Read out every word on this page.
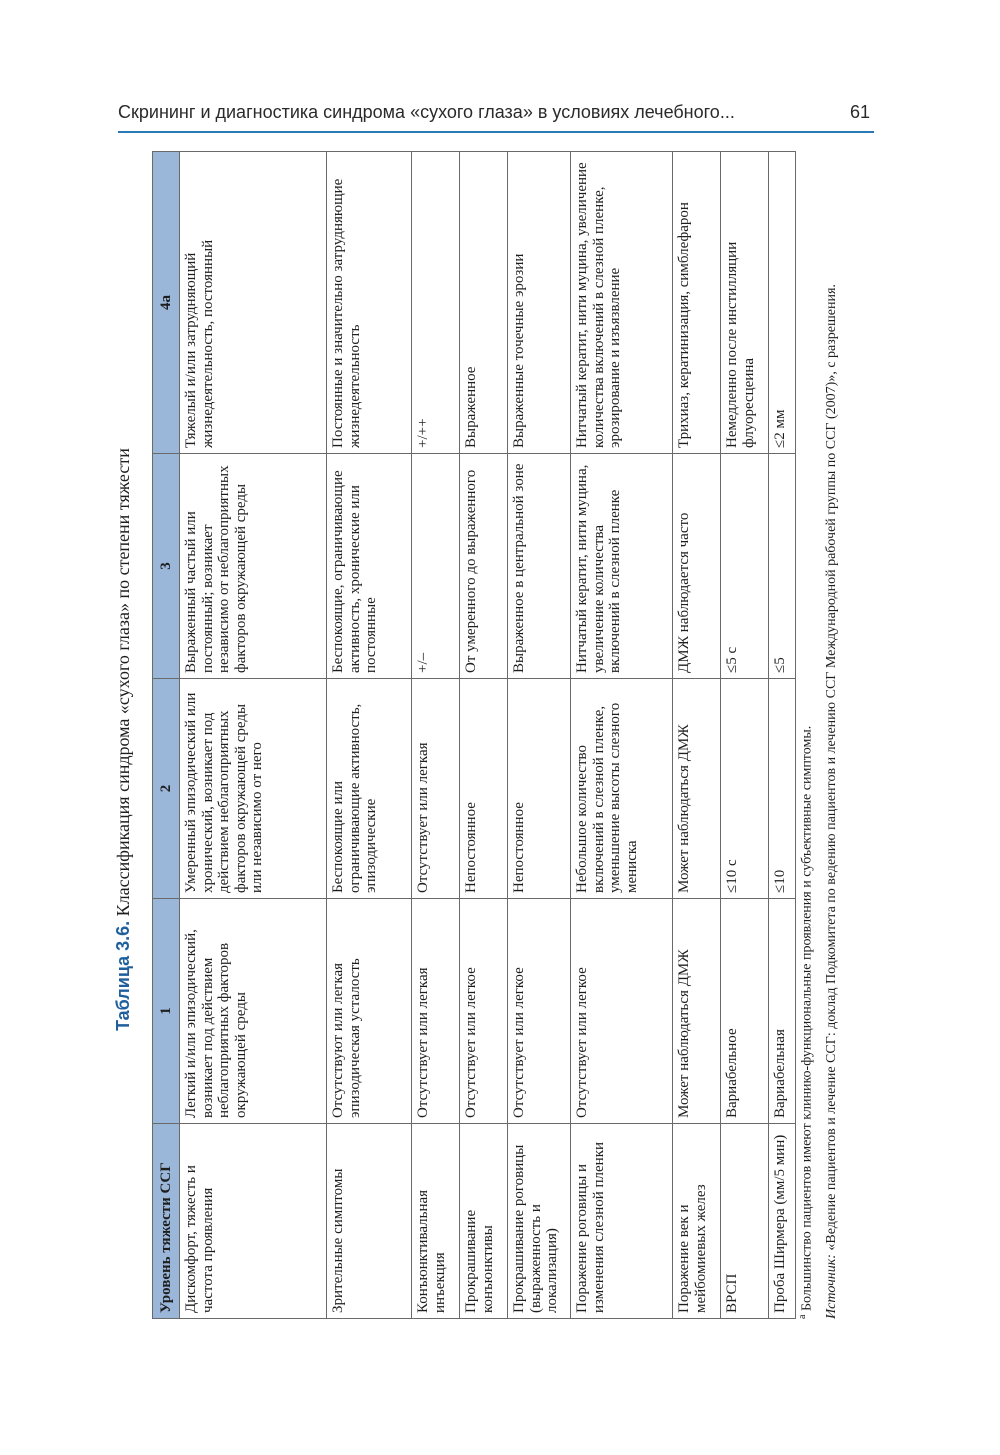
Скрининг и диагностика синдрома «сухого глаза» в условиях лечебного...	61
Таблица 3.6. Классификация синдрома «сухого глаза» по степени тяжести
Уровень тяжести ССГ	1	2	3	4a
Дискомфорт, тяжесть и частота проявления	Легкий и/или эпизодический, возникает под действием неблагоприятных факторов окружающей среды	Умеренный эпизодический или хронический, возникает под действием неблагоприятных факторов окружающей среды или независимо от него	Выраженный частый или постоянный; возникает независимо от неблагоприятных факторов окружающей среды	Тяжелый и/или затрудняющий жизнедеятельность, постоянный
Зрительные симптомы	Отсутствуют или легкая эпизодическая усталость	Беспокоящие или ограничивающие активность, эпизодические	Беспокоящие, ограничивающие активность, хронические или постоянные	Постоянные и значительно затрудняющие жизнедеятельность
Конъюнктивальная инъекция	Отсутствует или легкая	Отсутствует или легкая	+/–	+/++
Прокрашивание конъюнктивы	Отсутствует или легкое	Непостоянное	От умеренного до выраженного	Выраженное
Прокрашивание роговицы (выраженность и локализация)	Отсутствует или легкое	Непостоянное	Выраженное в центральной зоне	Выраженные точечные эрозии
Поражение роговицы и изменения слезной пленки	Отсутствует или легкое	Небольшое количество включений в слезной пленке, уменьшение высоты слезного мениска	Нитчатый кератит, нити муцина, увеличение количества включений в слезной пленке	Нитчатый кератит, нити муцина, увеличение количества включений в слезной пленке, эрозирование и изъязвление
Поражение век и мейбомиевых желез	Может наблюдаться ДМЖ	Может наблюдаться ДМЖ	ДМЖ наблюдается часто	Трихиаз, кератинизация, симблефарон
ВРСП	Вариабельное	≤10 с	≤5 с	Немедленно после инстилляции флуоресцеина
Проба Ширмера (мм/5 мин)	Вариабельная	≤10	≤5	≤2 мм

$^a$ Большинство пациентов имеют клинико-функциональные проявления и субъективные симптомы. Источник: «Ведение пациентов и лечение ССГ: доклад Подкомитета по ведению пациентов и лечению ССГ Международной рабочей группы по ССГ (2007)», с разрешения.
